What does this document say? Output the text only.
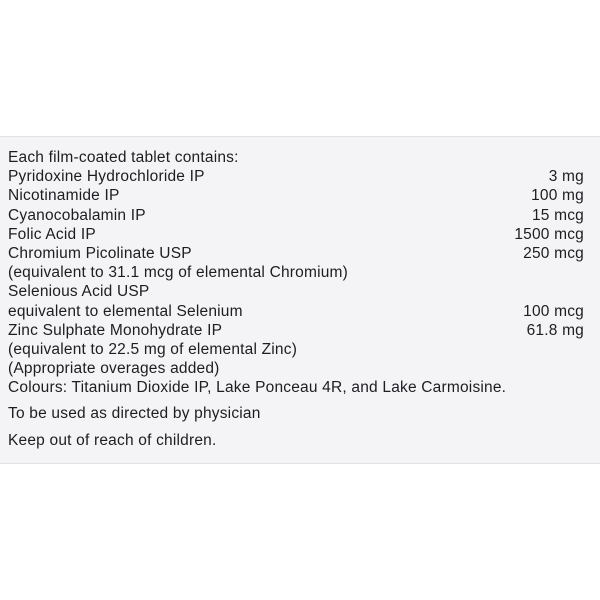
Each film-coated tablet contains:
Pyridoxine Hydrochloride IP	3 mg
Nicotinamide IP	100 mg
Cyanocobalamin IP	15 mcg
Folic Acid IP	1500 mcg
Chromium Picolinate USP	250 mcg
(equivalent to 31.1 mcg of elemental Chromium)
Selenious Acid USP
equivalent to elemental Selenium	100 mcg
Zinc Sulphate Monohydrate IP	61.8 mg
(equivalent to 22.5 mg of elemental Zinc)
(Appropriate overages added)
Colours: Titanium Dioxide IP, Lake Ponceau 4R, and Lake Carmoisine.
To be used as directed by physician
Keep out of reach of children.
